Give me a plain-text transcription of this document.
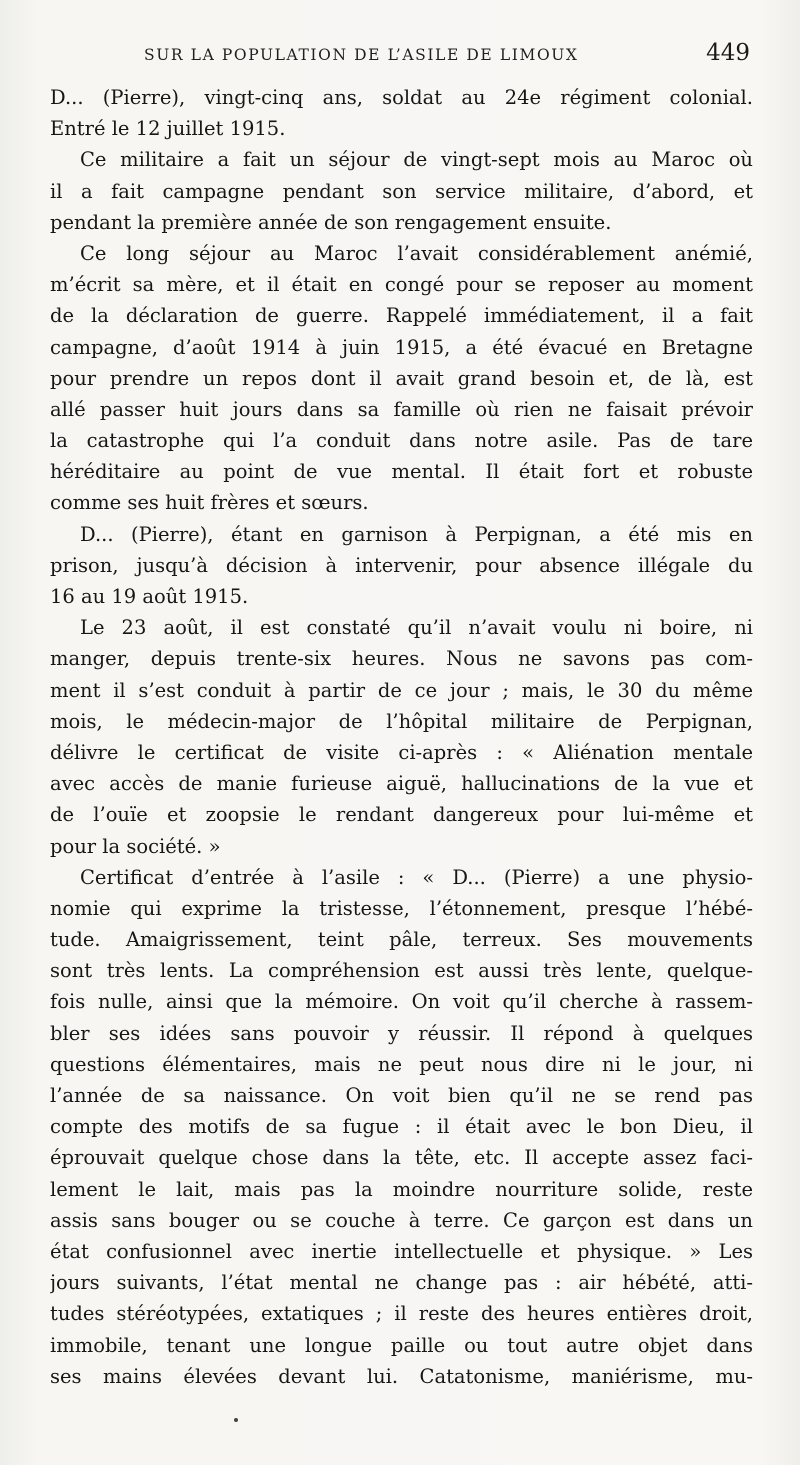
SUR LA POPULATION DE L’ASILE DE LIMOUX	449
D... (Pierre), vingt-cinq ans, soldat au 24e régiment colonial.
Entré le 12 juillet 1915.
Ce militaire a fait un séjour de vingt-sept mois au Maroc où
il a fait campagne pendant son service militaire, d’abord, et
pendant la première année de son rengagement ensuite.
Ce long séjour au Maroc l’avait considérablement anémié,
m’écrit sa mère, et il était en congé pour se reposer au moment
de la déclaration de guerre. Rappelé immédiatement, il a fait
campagne, d’août 1914 à juin 1915, a été évacué en Bretagne
pour prendre un repos dont il avait grand besoin et, de là, est
allé passer huit jours dans sa famille où rien ne faisait prévoir
la catastrophe qui l’a conduit dans notre asile. Pas de tare
héréditaire au point de vue mental. Il était fort et robuste
comme ses huit frères et sœurs.
D... (Pierre), étant en garnison à Perpignan, a été mis en
prison, jusqu’à décision à intervenir, pour absence illégale du
16 au 19 août 1915.
Le 23 août, il est constaté qu’il n’avait voulu ni boire, ni
manger, depuis trente-six heures. Nous ne savons pas com-
ment il s’est conduit à partir de ce jour ; mais, le 30 du même
mois, le médecin-major de l’hôpital militaire de Perpignan,
délivre le certificat de visite ci-après : « Aliénation mentale
avec accès de manie furieuse aiguë, hallucinations de la vue et
de l’ouïe et zoopsie le rendant dangereux pour lui-même et
pour la société. »
Certificat d’entrée à l’asile : « D... (Pierre) a une physio-
nomie qui exprime la tristesse, l’étonnement, presque l’hébé-
tude. Amaigrissement, teint pâle, terreux. Ses mouvements
sont très lents. La compréhension est aussi très lente, quelque-
fois nulle, ainsi que la mémoire. On voit qu’il cherche à rassem-
bler ses idées sans pouvoir y réussir. Il répond à quelques
questions élémentaires, mais ne peut nous dire ni le jour, ni
l’année de sa naissance. On voit bien qu’il ne se rend pas
compte des motifs de sa fugue : il était avec le bon Dieu, il
éprouvait quelque chose dans la tête, etc. Il accepte assez faci-
lement le lait, mais pas la moindre nourriture solide, reste
assis sans bouger ou se couche à terre. Ce garçon est dans un
état confusionnel avec inertie intellectuelle et physique. » Les
jours suivants, l’état mental ne change pas : air hébété, atti-
tudes stéréotypées, extatiques ; il reste des heures entières droit,
immobile, tenant une longue paille ou tout autre objet dans
ses mains élevées devant lui. Catatonisme, maniérisme, mu-
